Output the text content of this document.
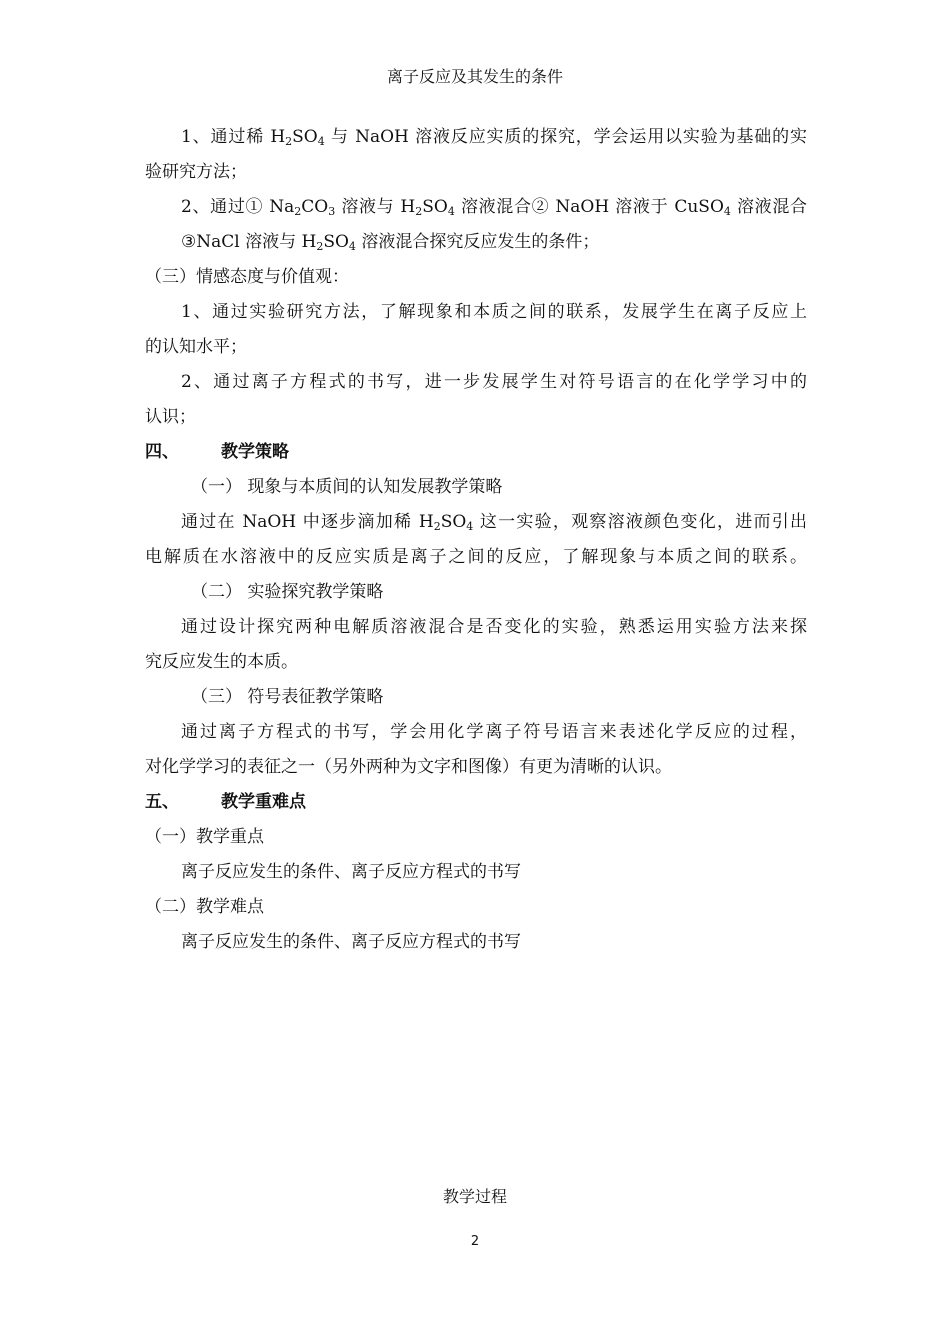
离子反应及其发生的条件
1、通过稀 $H_2SO_4$ 与 NaOH 溶液反应实质的探究，学会运用以实验为基础的实
验研究方法；
2、通过① $Na_2CO_3$ 溶液与 $H_2SO_4$ 溶液混合② NaOH 溶液于 CuSO$_4$ 溶液混合
③NaCl 溶液与 $H_2SO_4$ 溶液混合探究反应发生的条件；
（三）情感态度与价值观：
1、通过实验研究方法，了解现象和本质之间的联系，发展学生在离子反应上
的认知水平；
2、通过离子方程式的书写，进一步发展学生对符号语言的在化学学习中的
认识；
四、 教学策略
（一） 现象与本质间的认知发展教学策略
通过在 NaOH 中逐步滴加稀 $H_2SO_4$ 这一实验，观察溶液颜色变化，进而引出
电解质在水溶液中的反应实质是离子之间的反应，了解现象与本质之间的联系。
（二） 实验探究教学策略
通过设计探究两种电解质溶液混合是否变化的实验，熟悉运用实验方法来探
究反应发生的本质。
（三） 符号表征教学策略
通过离子方程式的书写，学会用化学离子符号语言来表述化学反应的过程，
对化学学习的表征之一（另外两种为文字和图像）有更为清晰的认识。
五、 教学重难点
（一）教学重点
离子反应发生的条件、离子反应方程式的书写
（二）教学难点
离子反应发生的条件、离子反应方程式的书写
教学过程
2
